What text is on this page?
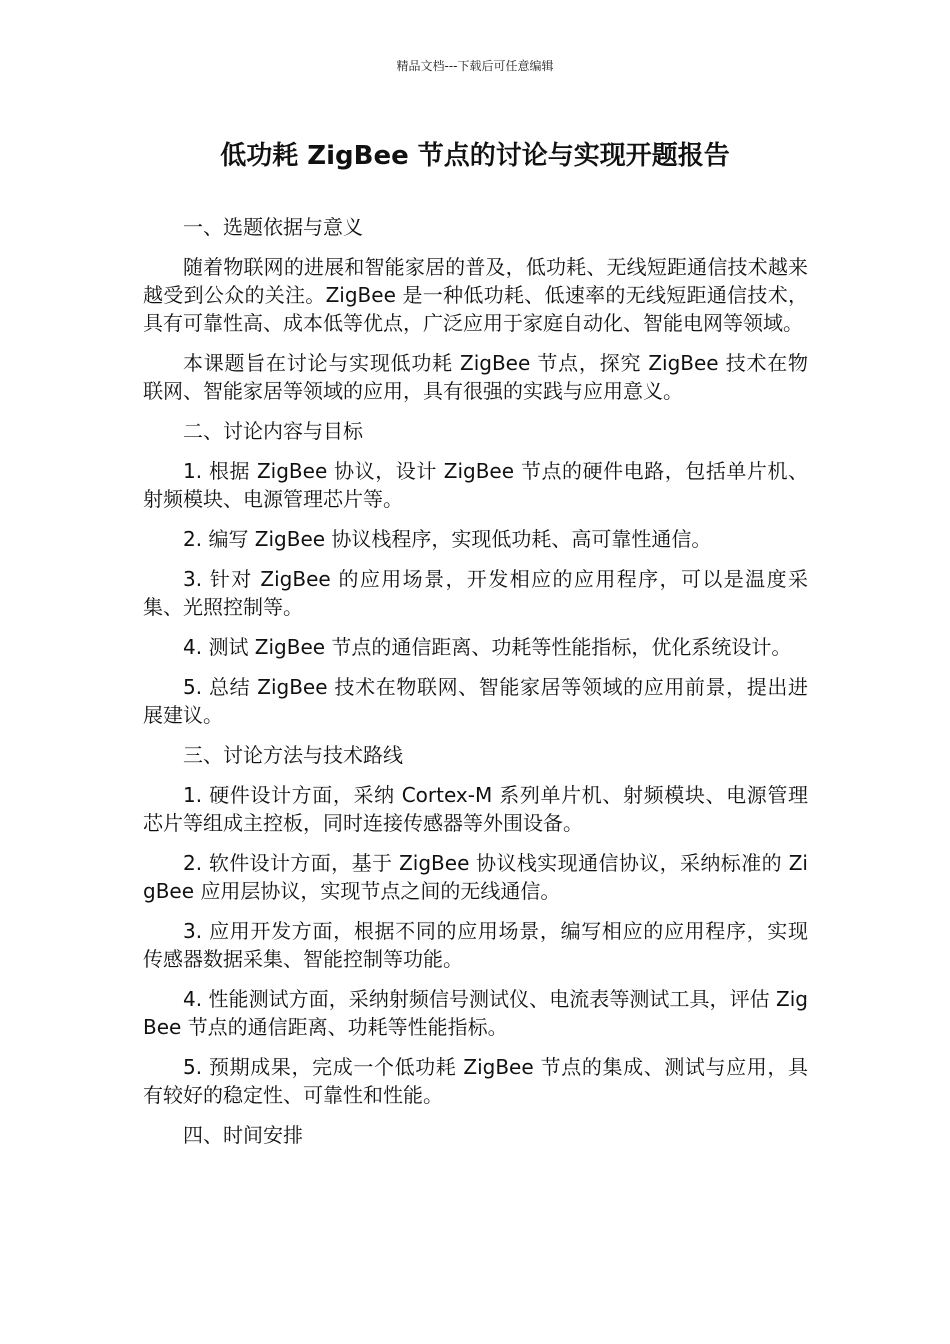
精品文档---下载后可任意编辑
低功耗 ZigBee 节点的讨论与实现开题报告
一、选题依据与意义

随着物联网的进展和智能家居的普及，低功耗、无线短距通信技术越来越受到公众的关注。ZigBee 是一种低功耗、低速率的无线短距通信技术，具有可靠性高、成本低等优点，广泛应用于家庭自动化、智能电网等领域。

本课题旨在讨论与实现低功耗 ZigBee 节点，探究 ZigBee 技术在物联网、智能家居等领域的应用，具有很强的实践与应用意义。

二、讨论内容与目标

1. 根据 ZigBee 协议，设计 ZigBee 节点的硬件电路，包括单片机、射频模块、电源管理芯片等。

2. 编写 ZigBee 协议栈程序，实现低功耗、高可靠性通信。

3. 针对 ZigBee 的应用场景，开发相应的应用程序，可以是温度采集、光照控制等。

4. 测试 ZigBee 节点的通信距离、功耗等性能指标，优化系统设计。

5. 总结 ZigBee 技术在物联网、智能家居等领域的应用前景，提出进展建议。

三、讨论方法与技术路线

1. 硬件设计方面，采纳 Cortex-M 系列单片机、射频模块、电源管理芯片等组成主控板，同时连接传感器等外围设备。

2. 软件设计方面，基于 ZigBee 协议栈实现通信协议，采纳标准的 ZigBee 应用层协议，实现节点之间的无线通信。

3. 应用开发方面，根据不同的应用场景，编写相应的应用程序，实现传感器数据采集、智能控制等功能。

4. 性能测试方面，采纳射频信号测试仪、电流表等测试工具，评估 ZigBee 节点的通信距离、功耗等性能指标。

5. 预期成果，完成一个低功耗 ZigBee 节点的集成、测试与应用，具有较好的稳定性、可靠性和性能。

四、时间安排
